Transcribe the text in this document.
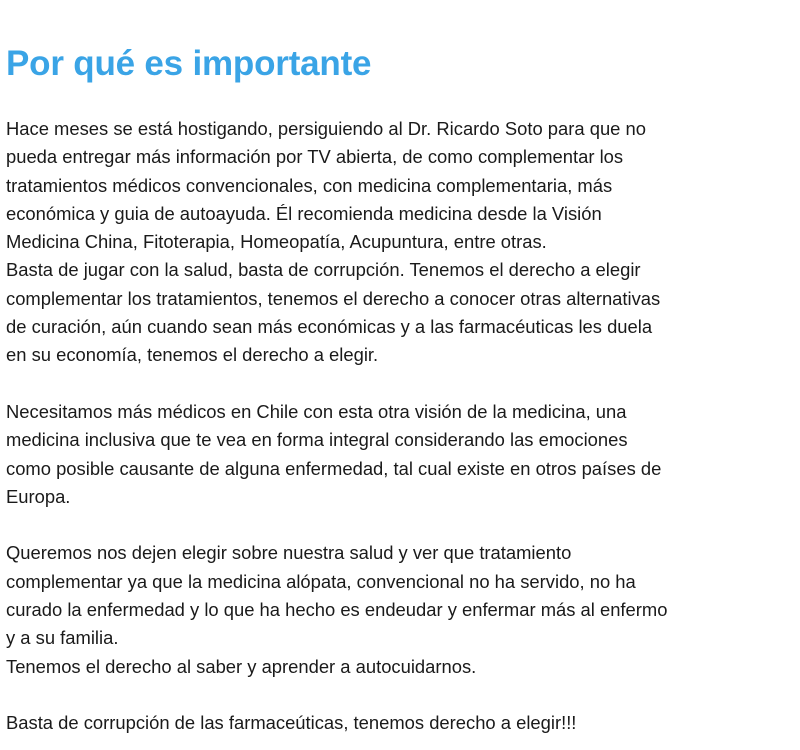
Por qué es importante
Hace meses se está hostigando, persiguiendo al Dr. Ricardo Soto para que no
pueda entregar más información por TV abierta, de como complementar los
tratamientos médicos convencionales, con medicina complementaria, más
económica y guia de autoayuda. Él recomienda medicina desde la Visión
Medicina China, Fitoterapia, Homeopatía, Acupuntura, entre otras.
Basta de jugar con la salud, basta de corrupción. Tenemos el derecho a elegir
complementar los tratamientos, tenemos el derecho a conocer otras alternativas
de curación, aún cuando sean más económicas y a las farmacéuticas les duela
en su economía, tenemos el derecho a elegir.
Necesitamos más médicos en Chile con esta otra visión de la medicina, una
medicina inclusiva que te vea en forma integral considerando las emociones
como posible causante de alguna enfermedad, tal cual existe en otros países de
Europa.
Queremos nos dejen elegir sobre nuestra salud y ver que tratamiento
complementar ya que la medicina alópata, convencional no ha servido, no ha
curado la enfermedad y lo que ha hecho es endeudar y enfermar más al enfermo
y a su familia.
Tenemos el derecho al saber y aprender a autocuidarnos.
Basta de corrupción de las farmaceúticas, tenemos derecho a elegir!!!
